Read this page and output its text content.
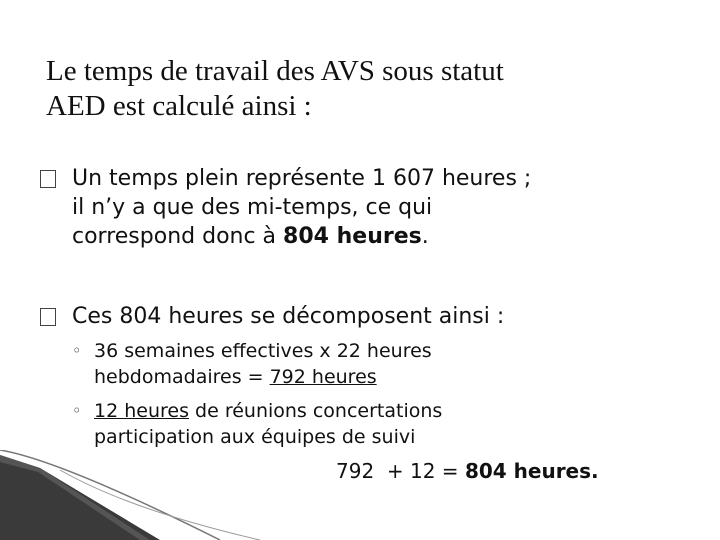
Le temps de travail des AVS sous statut
AED est calculé ainsi :
Un temps plein représente 1 607 heures ;
il n’y a que des mi-temps, ce qui
correspond donc à 804 heures.
Ces 804 heures se décomposent ainsi :
◦ 36 semaines effectives x 22 heures
hebdomadaires = 792 heures
◦ 12 heures de réunions concertations
participation aux équipes de suivi
792  + 12 = 804 heures.
